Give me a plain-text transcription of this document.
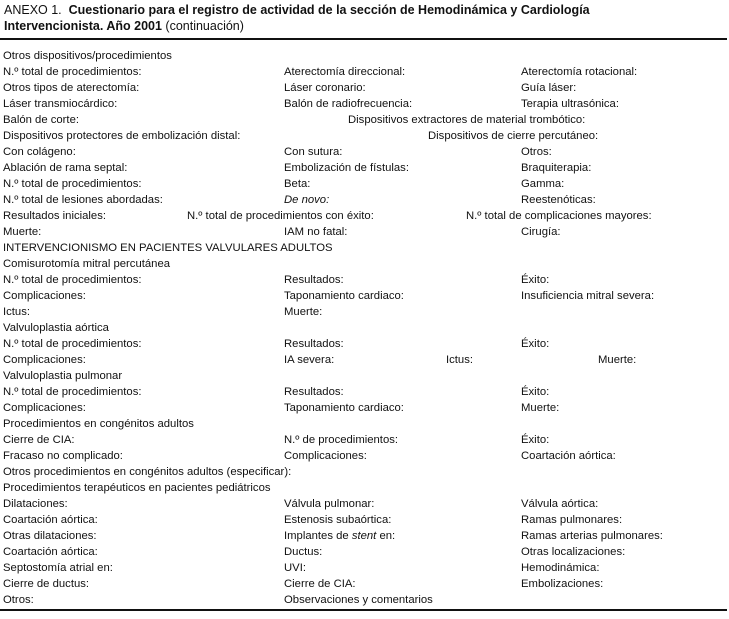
ANEXO 1. Cuestionario para el registro de actividad de la sección de Hemodinámica y Cardiología
Intervencionista. Año 2001 (continuación)
Otros dispositivos/procedimientos
N.º total de procedimientos:	Aterectomía direccional:	Aterectomía rotacional:
Otros tipos de aterectomía:	Láser coronario:	Guía láser:
Láser transmiocárdico:	Balón de radiofrecuencia:	Terapia ultrasónica:
Balón de corte:	Dispositivos extractores de material trombótico:
Dispositivos protectores de embolización distal:	Dispositivos de cierre percutáneo:
Con colágeno:	Con sutura:	Otros:
Ablación de rama septal:	Embolización de fístulas:	Braquiterapia:
N.º total de procedimientos:	Beta:	Gamma:
N.º total de lesiones abordadas:	De novo:	Reestenóticas:
Resultados iniciales:	N.º total de procedimientos con éxito:	N.º total de complicaciones mayores:
Muerte:	IAM no fatal:	Cirugía:
INTERVENCIONISMO EN PACIENTES VALVULARES ADULTOS
Comisurotomía mitral percutánea
N.º total de procedimientos:	Resultados:	Éxito:
Complicaciones:	Taponamiento cardiaco:	Insuficiencia mitral severa:
Ictus:	Muerte:
Valvuloplastia aórtica
N.º total de procedimientos:	Resultados:	Éxito:
Complicaciones:	IA severa:	Ictus:	Muerte:
Valvuloplastia pulmonar
N.º total de procedimientos:	Resultados:	Éxito:
Complicaciones:	Taponamiento cardiaco:	Muerte:
Procedimientos en congénitos adultos
Cierre de CIA:	N.º de procedimientos:	Éxito:
Fracaso no complicado:	Complicaciones:	Coartación aórtica:
Otros procedimientos en congénitos adultos (especificar):
Procedimientos terapéuticos en pacientes pediátricos
Dilataciones:	Válvula pulmonar:	Válvula aórtica:
Coartación aórtica:	Estenosis subaórtica:	Ramas pulmonares:
Otras dilataciones:	Implantes de stent en:	Ramas arterias pulmonares:
Coartación aórtica:	Ductus:	Otras localizaciones:
Septostomía atrial en:	UVI:	Hemodinámica:
Cierre de ductus:	Cierre de CIA:	Embolizaciones:
Otros:	Observaciones y comentarios
